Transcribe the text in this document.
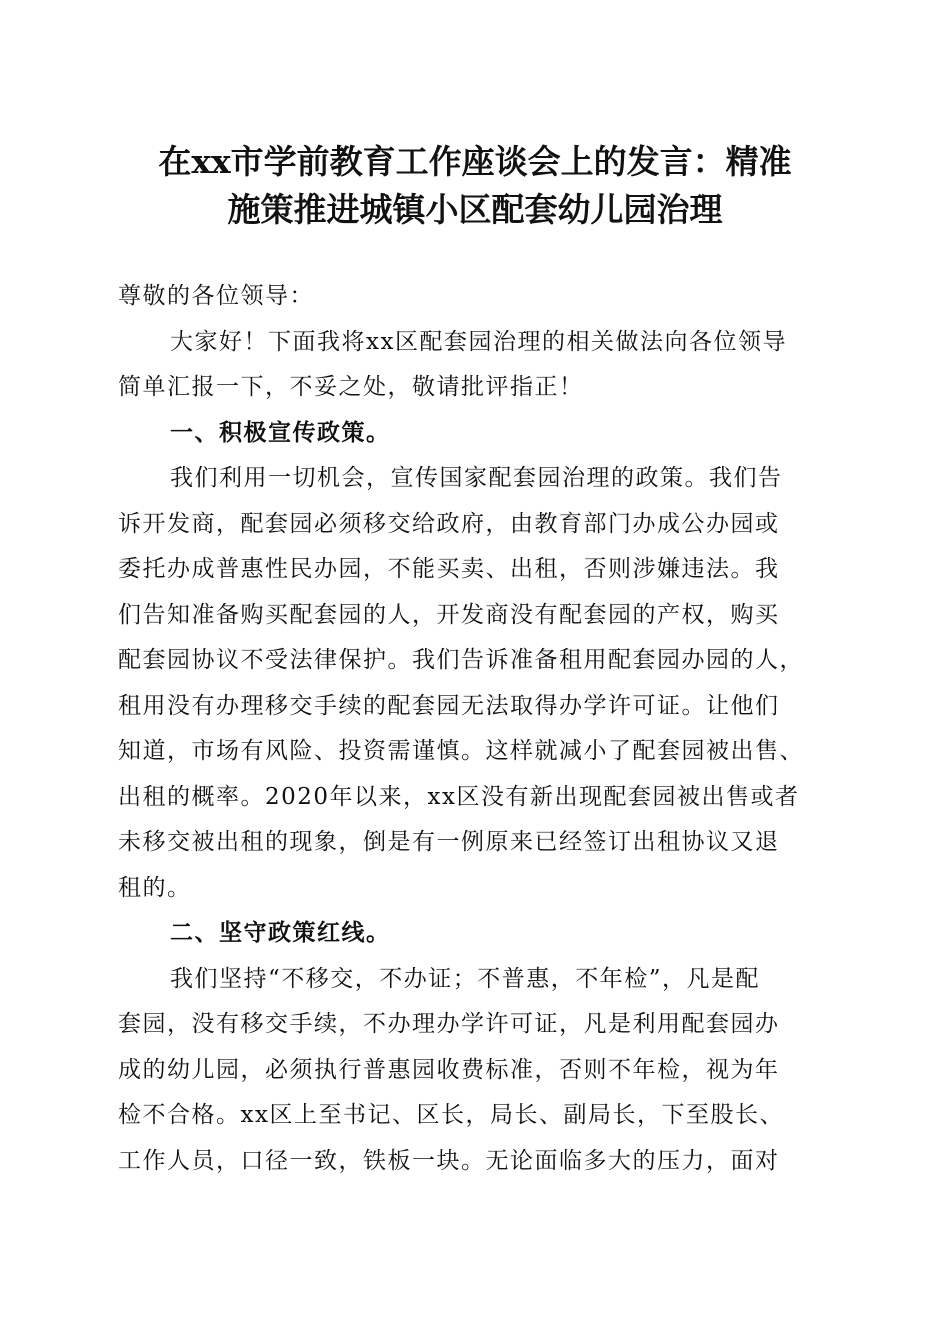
在xx市学前教育工作座谈会上的发言：精准
施策推进城镇小区配套幼儿园治理
尊敬的各位领导：
大家好！下面我将xx区配套园治理的相关做法向各位领导
简单汇报一下，不妥之处，敬请批评指正！
一、积极宣传政策。
我们利用一切机会，宣传国家配套园治理的政策。我们告
诉开发商，配套园必须移交给政府，由教育部门办成公办园或
委托办成普惠性民办园，不能买卖、出租，否则涉嫌违法。我
们告知准备购买配套园的人，开发商没有配套园的产权，购买
配套园协议不受法律保护。我们告诉准备租用配套园办园的人，
租用没有办理移交手续的配套园无法取得办学许可证。让他们
知道，市场有风险、投资需谨慎。这样就减小了配套园被出售、
出租的概率。2020年以来，xx区没有新出现配套园被出售或者
未移交被出租的现象，倒是有一例原来已经签订出租协议又退
租的。
二、坚守政策红线。
我们坚持“不移交，不办证；不普惠，不年检”，凡是配
套园，没有移交手续，不办理办学许可证，凡是利用配套园办
成的幼儿园，必须执行普惠园收费标准，否则不年检，视为年
检不合格。xx区上至书记、区长，局长、副局长，下至股长、
工作人员，口径一致，铁板一块。无论面临多大的压力，面对
